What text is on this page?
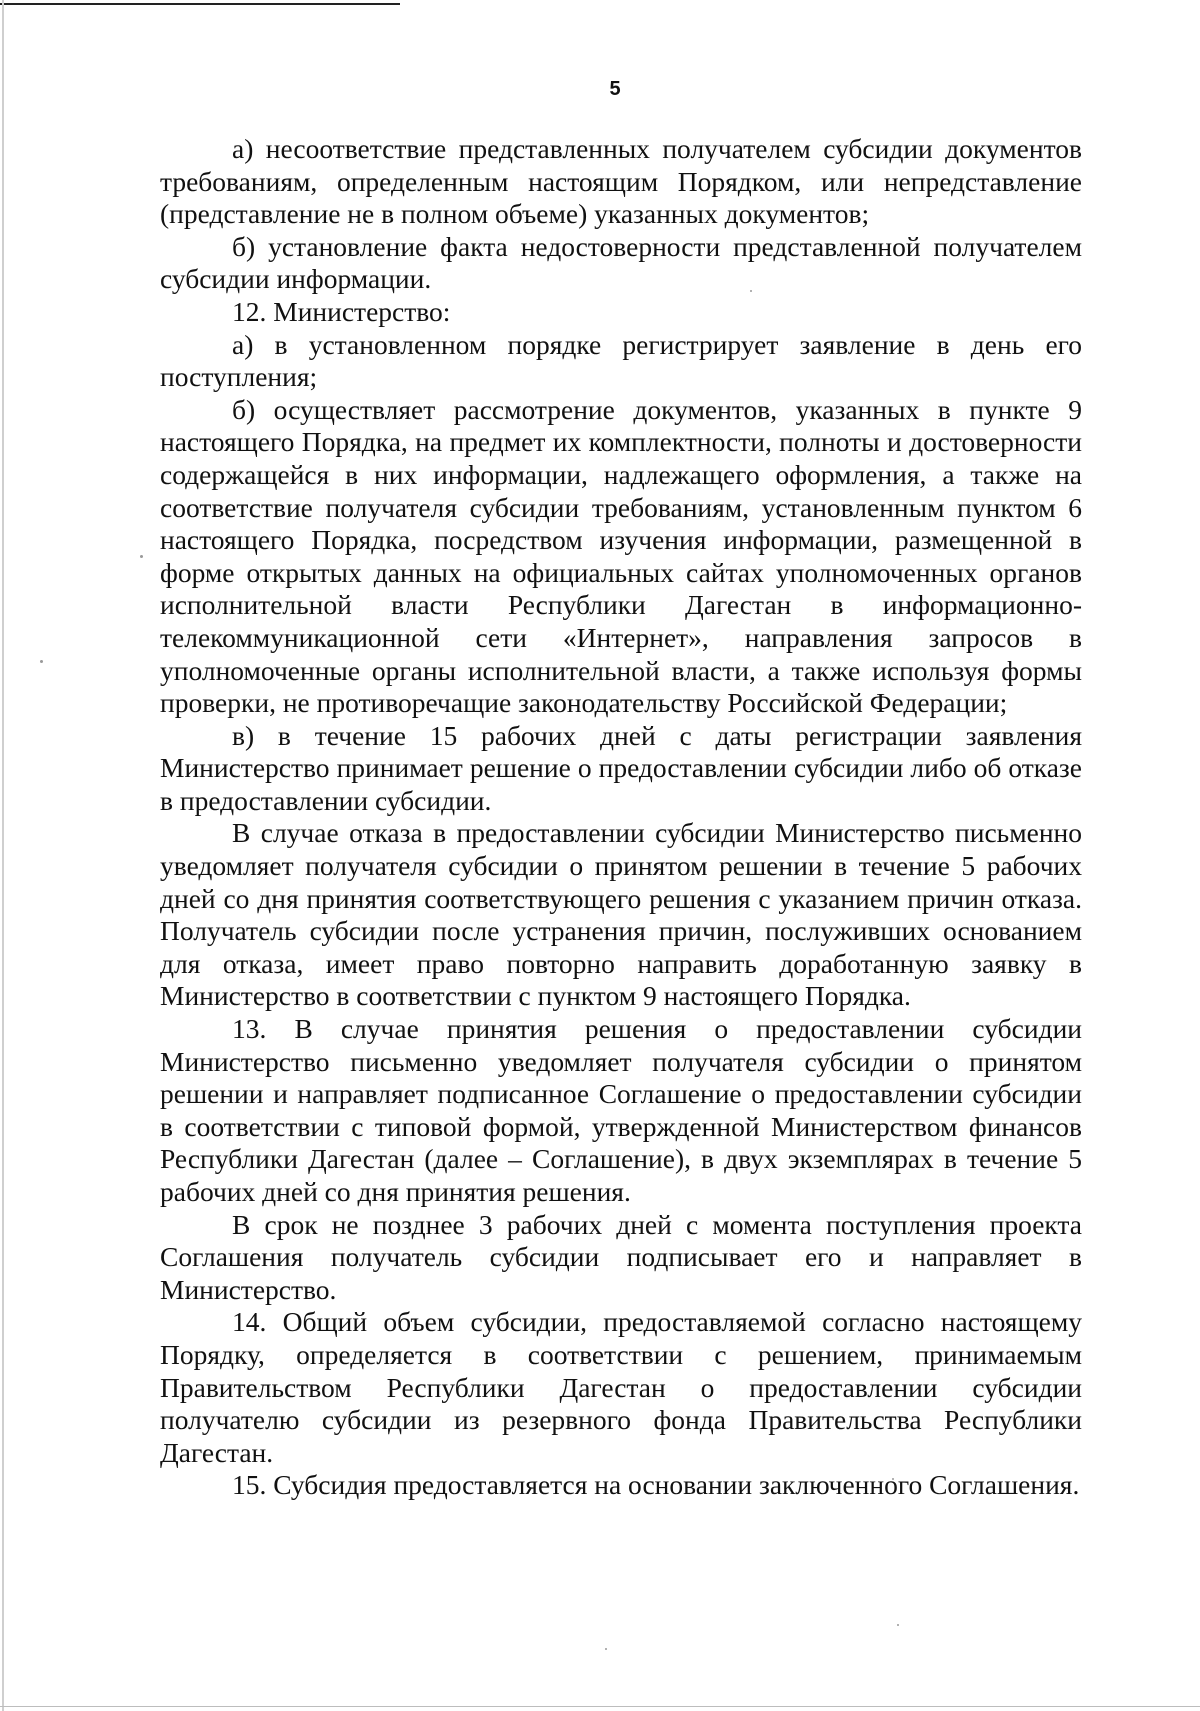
5

а) несоответствие представленных получателем субсидии документов требованиям, определенным настоящим Порядком, или непредставление (представление не в полном объеме) указанных документов;

б) установление факта недостоверности представленной получателем субсидии информации.

12. Министерство:

а) в установленном порядке регистрирует заявление в день его поступления;

б) осуществляет рассмотрение документов, указанных в пункте 9 настоящего Порядка, на предмет их комплектности, полноты и достоверности содержащейся в них информации, надлежащего оформления, а также на соответствие получателя субсидии требованиям, установленным пунктом 6 настоящего Порядка, посредством изучения информации, размещенной в форме открытых данных на официальных сайтах уполномоченных органов исполнительной власти Республики Дагестан в информационно-телекоммуникационной сети «Интернет», направления запросов в уполномоченные органы исполнительной власти, а также используя формы проверки, не противоречащие законодательству Российской Федерации;

в) в течение 15 рабочих дней с даты регистрации заявления Министерство принимает решение о предоставлении субсидии либо об отказе в предоставлении субсидии.

В случае отказа в предоставлении субсидии Министерство письменно уведомляет получателя субсидии о принятом решении в течение 5 рабочих дней со дня принятия соответствующего решения с указанием причин отказа. Получатель субсидии после устранения причин, послуживших основанием для отказа, имеет право повторно направить доработанную заявку в Министерство в соответствии с пунктом 9 настоящего Порядка.

13. В случае принятия решения о предоставлении субсидии Министерство письменно уведомляет получателя субсидии о принятом решении и направляет подписанное Соглашение о предоставлении субсидии в соответствии с типовой формой, утвержденной Министерством финансов Республики Дагестан (далее – Соглашение), в двух экземплярах в течение 5 рабочих дней со дня принятия решения.

В срок не позднее 3 рабочих дней с момента поступления проекта Соглашения получатель субсидии подписывает его и направляет в Министерство.

14. Общий объем субсидии, предоставляемой согласно настоящему Порядку, определяется в соответствии с решением, принимаемым Правительством Республики Дагестан о предоставлении субсидии получателю субсидии из резервного фонда Правительства Республики Дагестан.

15. Субсидия предоставляется на основании заключенного Соглашения.
